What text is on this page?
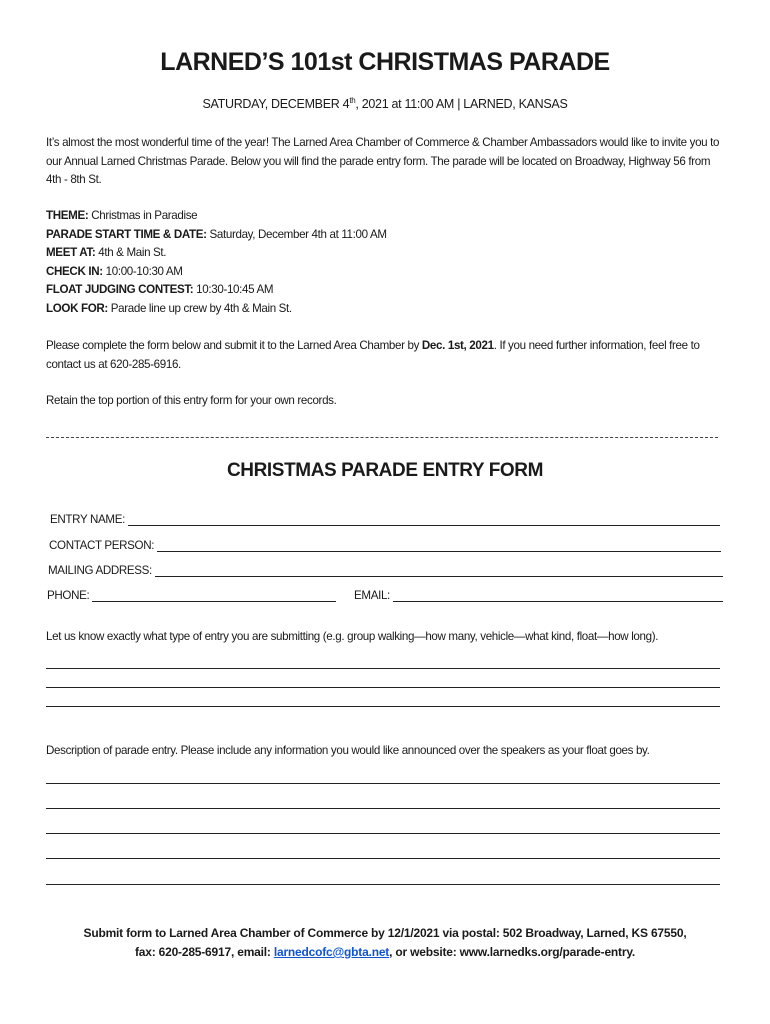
LARNED’S 101st CHRISTMAS PARADE
SATURDAY, DECEMBER 4th, 2021 at 11:00 AM | LARNED, KANSAS

It’s almost the most wonderful time of the year! The Larned Area Chamber of Commerce & Chamber Ambassadors would like to invite you to our Annual Larned Christmas Parade. Below you will find the parade entry form. The parade will be located on Broadway, Highway 56 from 4th - 8th St.

THEME: Christmas in Paradise
PARADE START TIME & DATE: Saturday, December 4th at 11:00 AM
MEET AT: 4th & Main St.
CHECK IN: 10:00-10:30 AM
FLOAT JUDGING CONTEST: 10:30-10:45 AM
LOOK FOR: Parade line up crew by 4th & Main St.

Please complete the form below and submit it to the Larned Area Chamber by Dec. 1st, 2021. If you need further information, feel free to contact us at 620-285-6916.

Retain the top portion of this entry form for your own records.

CHRISTMAS PARADE ENTRY FORM
ENTRY NAME:
CONTACT PERSON:
MAILING ADDRESS:
PHONE:	EMAIL:

Let us know exactly what type of entry you are submitting (e.g. group walking—how many, vehicle—what kind, float—how long).

Description of parade entry. Please include any information you would like announced over the speakers as your float goes by.

Submit form to Larned Area Chamber of Commerce by 12/1/2021 via postal: 502 Broadway, Larned, KS 67550,
fax: 620-285-6917, email: larnedcofc@gbta.net, or website: www.larnedks.org/parade-entry.
